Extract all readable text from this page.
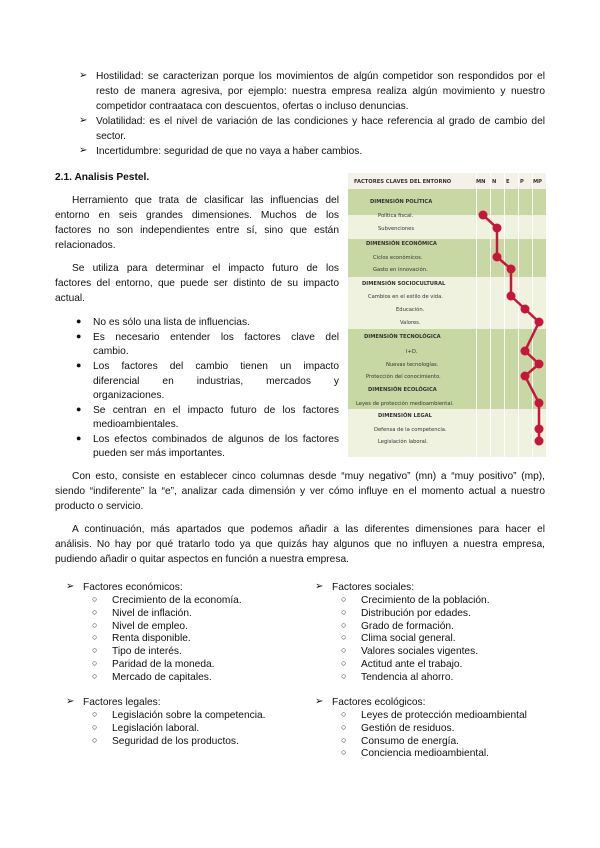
➢ Hostilidad: se caracterizan porque los movimientos de algún competidor son respondidos por el
resto de manera agresiva, por ejemplo: nuestra empresa realiza algún movimiento y nuestro
competidor contraataca con descuentos, ofertas o incluso denuncias.
➢ Volatilidad: es el nivel de variación de las condiciones y hace referencia al grado de cambio del
sector.
➢ Incertidumbre: seguridad de que no vaya a haber cambios.
2.1. Analisis Pestel.
Herramiento que trata de clasificar las influencias del
entorno en seis grandes dimensiones. Muchos de los
factores no son independientes entre sí, sino que están
relacionados.
Se utiliza para determinar el impacto futuro de los
factores del entorno, que puede ser distinto de su impacto
actual.
● No es sólo una lista de influencias.
● Es necesario entender los factores clave del
cambio.
● Los factores del cambio tienen un impacto
diferencial en industrias, mercados y
organizaciones.
● Se centran en el impacto futuro de los factores
medioambientales.
● Los efectos combinados de algunos de los factores
pueden ser más importantes.
FACTORES CLAVES DEL ENTORNO	MN N E P MP
DIMENSIÓN POLÍTICA
Política fiscal.
Subvenciones
DIMENSIÓN ECONÓMICA
Ciclos económicos.
Gasto en innovación.
DIMENSIÓN SOCIOCULTURAL
Cambios en el estilo de vida.
Educación.
Valores.
DIMENSIÓN TECNOLÓGICA
I+D.
Nuevas tecnologías.
Protección del conocimiento.
DIMENSIÓN ECOLÓGICA
Leyes de protección medioambiental.
DIMENSIÓN LEGAL
Defensa de la competencia.
Legislación laboral.
Con esto, consiste en establecer cinco columnas desde “muy negativo” (mn) a “muy positivo” (mp),
siendo “indiferente” la “e”, analizar cada dimensión y ver cómo influye en el momento actual a nuestro
producto o servicio.
A continuación, más apartados que podemos añadir a las diferentes dimensiones para hacer el
análisis. No hay por qué tratarlo todo ya que quizás hay algunos que no influyen a nuestra empresa,
pudiendo añadir o quitar aspectos en función a nuestra empresa.
➢ Factores económicos:
○ Crecimiento de la economía.
○ Nivel de inflación.
○ Nivel de empleo.
○ Renta disponible.
○ Tipo de interés.
○ Paridad de la moneda.
○ Mercado de capitales.
➢ Factores sociales:
○ Crecimiento de la población.
○ Distribución por edades.
○ Grado de formación.
○ Clima social general.
○ Valores sociales vigentes.
○ Actitud ante el trabajo.
○ Tendencia al ahorro.
➢ Factores legales:
○ Legislación sobre la competencia.
○ Legislación laboral.
○ Seguridad de los productos.
➢ Factores ecológicos:
○ Leyes de protección medioambiental
○ Gestión de residuos.
○ Consumo de energía.
○ Conciencia medioambiental.
